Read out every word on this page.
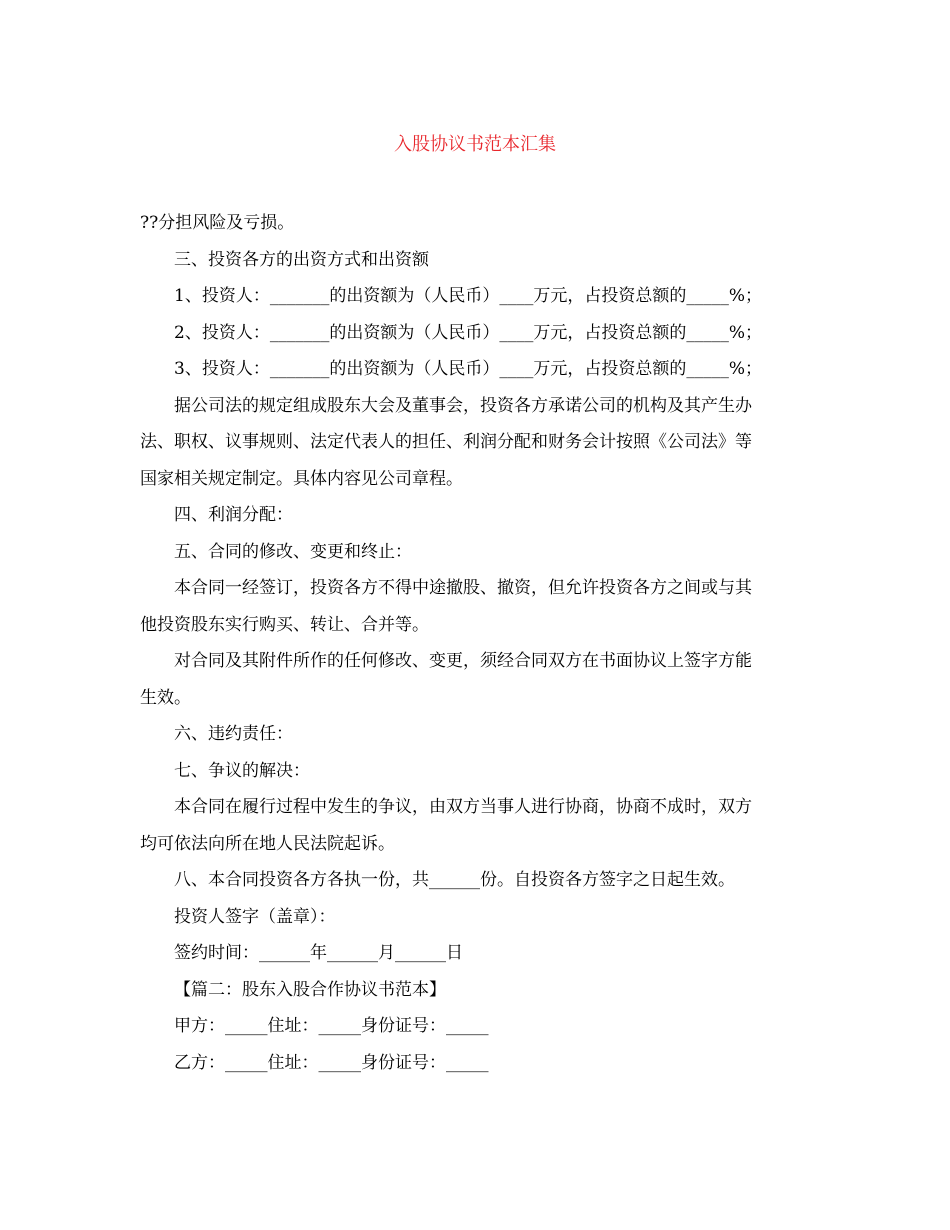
入股协议书范本汇集
??分担风险及亏损。
三、投资各方的出资方式和出资额
1、投资人：_______的出资额为（人民币）____万元，占投资总额的_____%；
2、投资人：_______的出资额为（人民币）____万元，占投资总额的_____%；
3、投资人：_______的出资额为（人民币）____万元，占投资总额的_____%；
据公司法的规定组成股东大会及董事会，投资各方承诺公司的机构及其产生办
法、职权、议事规则、法定代表人的担任、利润分配和财务会计按照《公司法》等
国家相关规定制定。具体内容见公司章程。
四、利润分配：
五、合同的修改、变更和终止：
本合同一经签订，投资各方不得中途撤股、撤资，但允许投资各方之间或与其
他投资股东实行购买、转让、合并等。
对合同及其附件所作的任何修改、变更，须经合同双方在书面协议上签字方能
生效。
六、违约责任：
七、争议的解决：
本合同在履行过程中发生的争议，由双方当事人进行协商，协商不成时，双方
均可依法向所在地人民法院起诉。
八、本合同投资各方各执一份，共______份。自投资各方签字之日起生效。
投资人签字（盖章）：
签约时间：______年______月______日
【篇二：股东入股合作协议书范本】
甲方：_____住址：_____身份证号：_____
乙方：_____住址：_____身份证号：_____
